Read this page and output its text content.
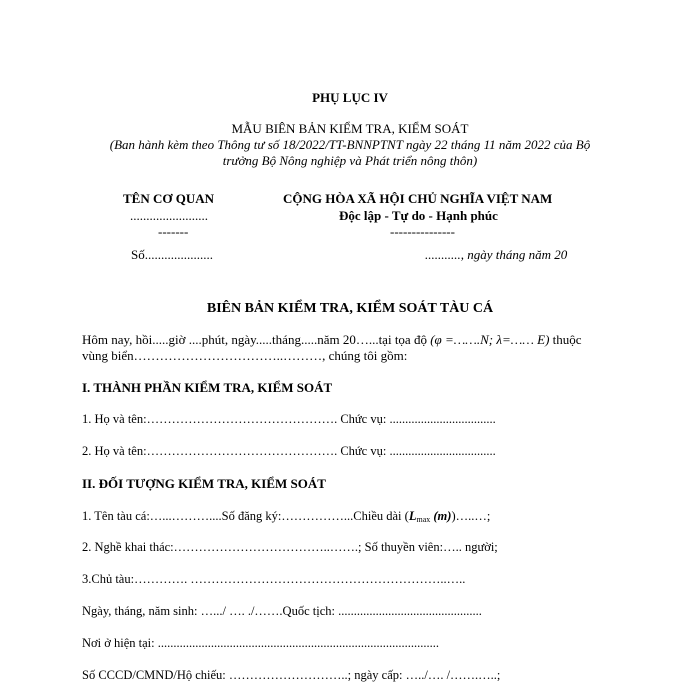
PHỤ LỤC IV
MẪU BIÊN BẢN KIỂM TRA, KIỂM SOÁT
(Ban hành kèm theo Thông tư số 18/2022/TT-BNNPTNT ngày 22 tháng 11 năm 2022 của Bộ
trưởng Bộ Nông nghiệp và Phát triển nông thôn)
TÊN CƠ QUAN
........................
-------
Số.....................
CỘNG HÒA XÃ HỘI CHỦ NGHĨA VIỆT NAM
Độc lập - Tự do - Hạnh phúc
---------------
..........., ngày tháng năm 20
BIÊN BẢN KIỂM TRA, KIỂM SOÁT TÀU CÁ
Hôm nay, hồi.....giờ ....phút, ngày.....tháng.....năm 20…...tại tọa độ (φ =…….N; λ=…… E) thuộc
vùng biển……………………………..………, chúng tôi gồm:
I. THÀNH PHẦN KIỂM TRA, KIỂM SOÁT
1. Họ và tên:………………………………………. Chức vụ: ..................................
2. Họ và tên:………………………………………. Chức vụ: ..................................
II. ĐỐI TƯỢNG KIỂM TRA, KIỂM SOÁT
1. Tên tàu cá:…...………....Số đăng ký:……………...Chiều dài ($L_{max}$ (m))…..…;
2. Nghề khai thác:………………………………..…….; Số thuyền viên:….. người;
3.Chủ tàu:…………. ……………………………………………………..…..
Ngày, tháng, năm sinh: ….../ …. ./…….Quốc tịch: ..............................................
Nơi ở hiện tại: ..........................................................................................
Số CCCD/CMND/Hộ chiếu: ………………………..; ngày cấp: …../…. /…….…..;
